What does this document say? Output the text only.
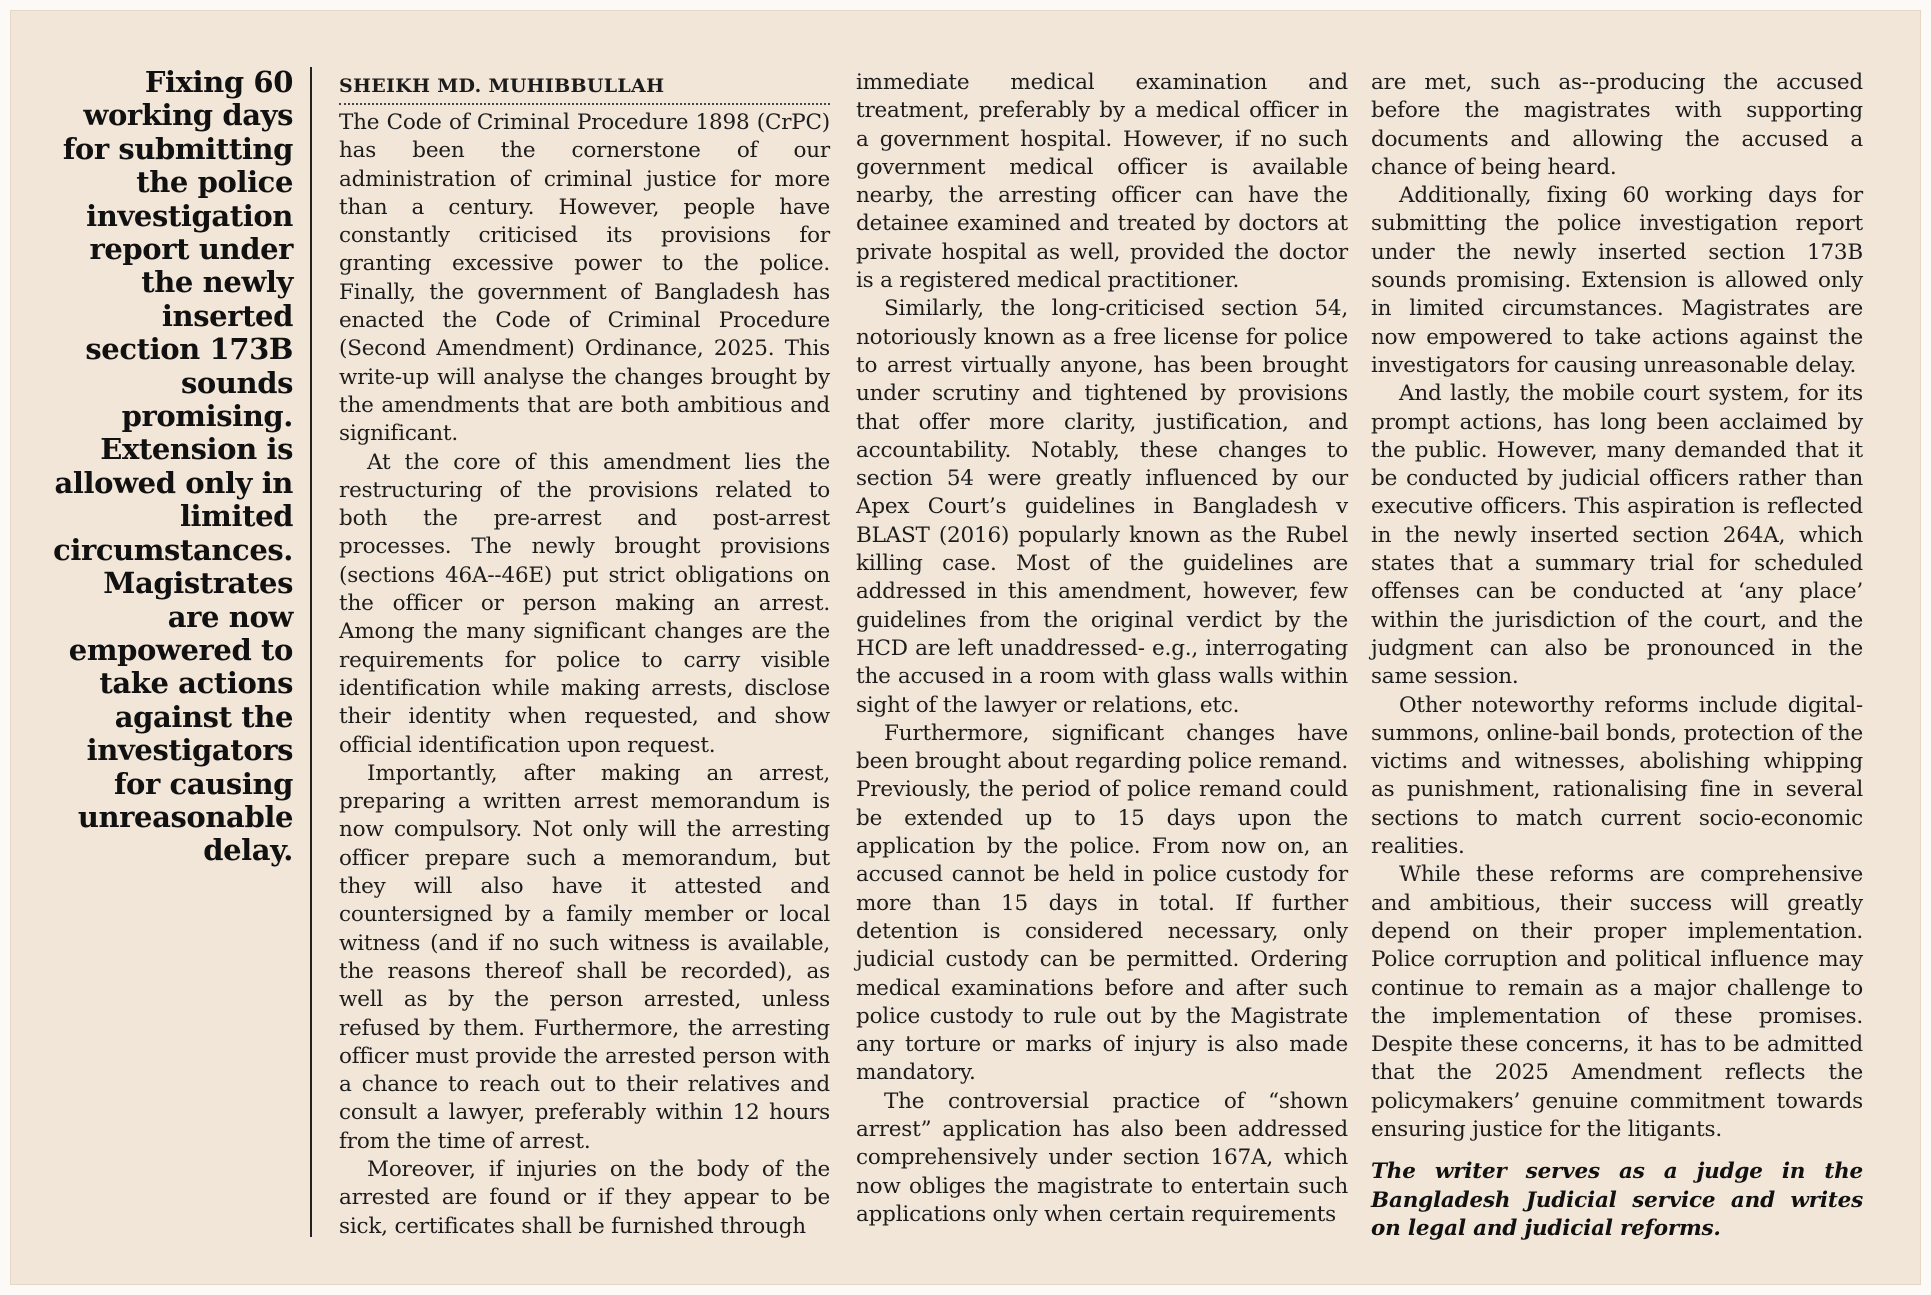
Fixing 60 working days for submitting the police investigation report under the newly inserted section 173B sounds promising. Extension is allowed only in limited circumstances. Magistrates are now empowered to take actions against the investigators for causing unreasonable delay.
SHEIKH MD. MUHIBBULLAH

The Code of Criminal Procedure 1898 (CrPC) has been the cornerstone of our administration of criminal justice for more than a century. However, people have constantly criticised its provisions for granting excessive power to the police. Finally, the government of Bangladesh has enacted the Code of Criminal Procedure (Second Amendment) Ordinance, 2025. This write-up will analyse the changes brought by the amendments that are both ambitious and significant.

At the core of this amendment lies the restructuring of the provisions related to both the pre-arrest and post-arrest processes. The newly brought provisions (sections 46A--46E) put strict obligations on the officer or person making an arrest. Among the many significant changes are the requirements for police to carry visible identification while making arrests, disclose their identity when requested, and show official identification upon request.

Importantly, after making an arrest, preparing a written arrest memorandum is now compulsory. Not only will the arresting officer prepare such a memorandum, but they will also have it attested and countersigned by a family member or local witness (and if no such witness is available, the reasons thereof shall be recorded), as well as by the person arrested, unless refused by them. Furthermore, the arresting officer must provide the arrested person with a chance to reach out to their relatives and consult a lawyer, preferably within 12 hours from the time of arrest.

Moreover, if injuries on the body of the arrested are found or if they appear to be sick, certificates shall be furnished through

immediate medical examination and treatment, preferably by a medical officer in a government hospital. However, if no such government medical officer is available nearby, the arresting officer can have the detainee examined and treated by doctors at private hospital as well, provided the doctor is a registered medical practitioner.

Similarly, the long-criticised section 54, notoriously known as a free license for police to arrest virtually anyone, has been brought under scrutiny and tightened by provisions that offer more clarity, justification, and accountability. Notably, these changes to section 54 were greatly influenced by our Apex Court’s guidelines in Bangladesh v BLAST (2016) popularly known as the Rubel killing case. Most of the guidelines are addressed in this amendment, however, few guidelines from the original verdict by the HCD are left unaddressed- e.g., interrogating the accused in a room with glass walls within sight of the lawyer or relations, etc.

Furthermore, significant changes have been brought about regarding police remand. Previously, the period of police remand could be extended up to 15 days upon the application by the police. From now on, an accused cannot be held in police custody for more than 15 days in total. If further detention is considered necessary, only judicial custody can be permitted. Ordering medical examinations before and after such police custody to rule out by the Magistrate any torture or marks of injury is also made mandatory.

The controversial practice of “shown arrest” application has also been addressed comprehensively under section 167A, which now obliges the magistrate to entertain such applications only when certain requirements

are met, such as--producing the accused before the magistrates with supporting documents and allowing the accused a chance of being heard.

Additionally, fixing 60 working days for submitting the police investigation report under the newly inserted section 173B sounds promising. Extension is allowed only in limited circumstances. Magistrates are now empowered to take actions against the investigators for causing unreasonable delay.

And lastly, the mobile court system, for its prompt actions, has long been acclaimed by the public. However, many demanded that it be conducted by judicial officers rather than executive officers. This aspiration is reflected in the newly inserted section 264A, which states that a summary trial for scheduled offenses can be conducted at ‘any place’ within the jurisdiction of the court, and the judgment can also be pronounced in the same session.

Other noteworthy reforms include digital-summons, online-bail bonds, protection of the victims and witnesses, abolishing whipping as punishment, rationalising fine in several sections to match current socio-economic realities.

While these reforms are comprehensive and ambitious, their success will greatly depend on their proper implementation. Police corruption and political influence may continue to remain as a major challenge to the implementation of these promises. Despite these concerns, it has to be admitted that the 2025 Amendment reflects the policymakers’ genuine commitment towards ensuring justice for the litigants.

The writer serves as a judge in the Bangladesh Judicial service and writes on legal and judicial reforms.
